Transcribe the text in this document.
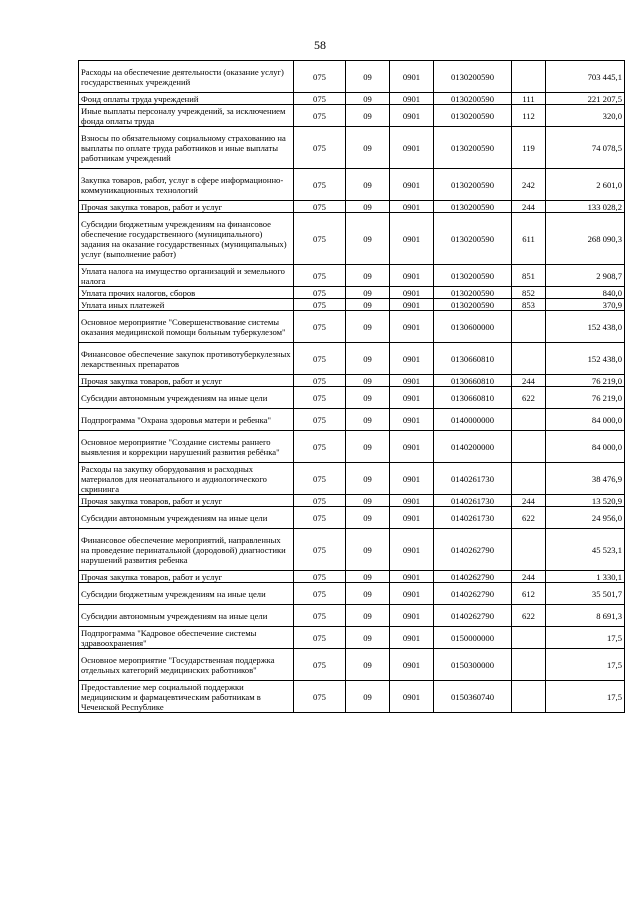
58
Расходы на обеспечение деятельности (оказание услуг) государственных учреждений	075	09	0901	0130200590		703 445,1
Фонд оплаты труда учреждений	075	09	0901	0130200590	111	221 207,5
Иные выплаты персоналу учреждений, за исключением фонда оплаты труда	075	09	0901	0130200590	112	320,0
Взносы по обязательному социальному страхованию на выплаты по оплате труда работников и иные выплаты работникам учреждений	075	09	0901	0130200590	119	74 078,5
Закупка товаров, работ, услуг в сфере информационно-коммуникационных технологий	075	09	0901	0130200590	242	2 601,0
Прочая закупка товаров, работ и услуг	075	09	0901	0130200590	244	133 028,2
Субсидии бюджетным учреждениям на финансовое обеспечение государственного (муниципального) задания на оказание государственных (муниципальных) услуг (выполнение работ)	075	09	0901	0130200590	611	268 090,3
Уплата налога на имущество организаций и земельного налога	075	09	0901	0130200590	851	2 908,7
Уплата прочих налогов, сборов	075	09	0901	0130200590	852	840,0
Уплата иных платежей	075	09	0901	0130200590	853	370,9
Основное мероприятие "Совершенствование системы оказания медицинской помощи больным туберкулезом"	075	09	0901	0130600000		152 438,0
Финансовое обеспечение закупок противотуберкулезных лекарственных препаратов	075	09	0901	0130660810		152 438,0
Прочая закупка товаров, работ и услуг	075	09	0901	0130660810	244	76 219,0
Субсидии автономным учреждениям на иные цели	075	09	0901	0130660810	622	76 219,0
Подпрограмма "Охрана здоровья матери и ребенка"	075	09	0901	0140000000		84 000,0
Основное мероприятие "Создание системы раннего выявления и коррекции нарушений развития ребёнка"	075	09	0901	0140200000		84 000,0
Расходы на закупку оборудования и расходных материалов для неонатального и аудиологического скрининга	075	09	0901	0140261730		38 476,9
Прочая закупка товаров, работ и услуг	075	09	0901	0140261730	244	13 520,9
Субсидии автономным учреждениям на иные цели	075	09	0901	0140261730	622	24 956,0
Финансовое обеспечение мероприятий, направленных на проведение перинатальной (дородовой) диагностики нарушений развития ребенка	075	09	0901	0140262790		45 523,1
Прочая закупка товаров, работ и услуг	075	09	0901	0140262790	244	1 330,1
Субсидии бюджетным учреждениям на иные цели	075	09	0901	0140262790	612	35 501,7
Субсидии автономным учреждениям на иные цели	075	09	0901	0140262790	622	8 691,3
Подпрограмма "Кадровое обеспечение системы здравоохранения"	075	09	0901	0150000000		17,5
Основное мероприятие "Государственная поддержка отдельных категорий медицинских работников"	075	09	0901	0150300000		17,5
Предоставление мер социальной поддержки медицинским и фармацевтическим работникам в Чеченской Республике	075	09	0901	0150360740		17,5
